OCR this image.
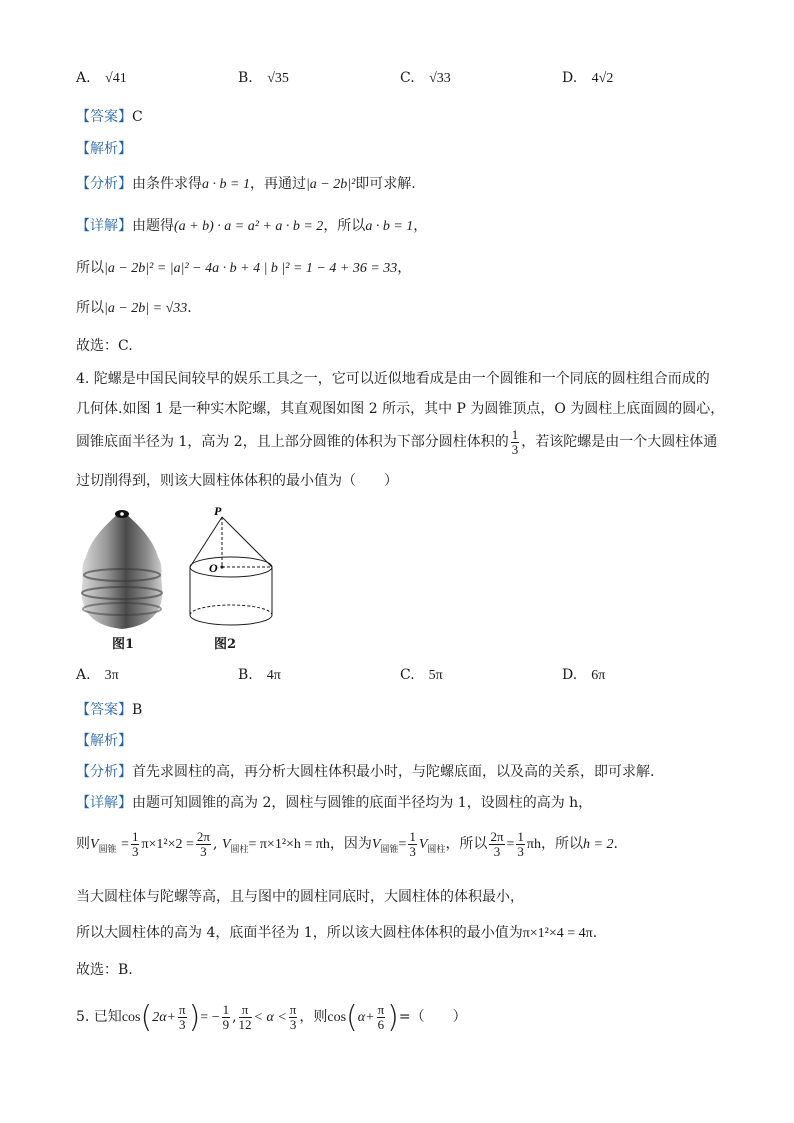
A. √41	B. √35	C. √33	D. 4√2
【答案】C
【解析】
【分析】由条件求得a · b = 1，再通过|a − 2b|²即可求解.
【详解】由题得(a + b) · a = a² + a · b = 2，所以a · b = 1，
所以|a − 2b|² = |a|² − 4a · b + 4 | b |² = 1 − 4 + 36 = 33，
所以|a − 2b| = √33.
故选：C.
4. 陀螺是中国民间较早的娱乐工具之一，它可以近似地看成是由一个圆锥和一个同底的圆柱组合而成的
几何体.如图 1 是一种实木陀螺，其直观图如图 2 所示，其中 P 为圆锥顶点，O 为圆柱上底面圆的圆心，
圆锥底面半径为 1，高为 2，且上部分圆锥的体积为下部分圆柱体积的 $\frac{1}{3}$ ，若该陀螺是由一个大圆柱体通
过切削得到，则该大圆柱体体积的最小值为（　　）
图1
P
O
图2
A. 3π	B. 4π	C. 5π	D. 6π
【答案】B
【解析】
【分析】首先求圆柱的高，再分析大圆柱体积最小时，与陀螺底面，以及高的关系，即可求解.
【详解】由题可知圆锥的高为 2，圆柱与圆锥的底面半径均为 1，设圆柱的高为 h，
则$V_{圆锥} = \frac{1}{3} \pi\times 1^2\times 2 = \frac{2\pi}{3}$ , $V_{圆柱}= \pi\times 1^2\times h = \pi h$，因为$V_{圆锥}= \frac{1}{3} V_{圆柱}$，所以 $\frac{2\pi}{3} = \frac{1}{3}$ πh，所以h = 2.
当大圆柱体与陀螺等高，且与图中的圆柱同底时，大圆柱体的体积最小，
所以大圆柱体的高为 4，底面半径为 1，所以该大圆柱体体积的最小值为π×1²×4 = 4π.
故选：B.
5. 已知$\cos(2\alpha+ \frac{\pi}{3}$ )= − $\frac{1}{9}$ , $\frac{\pi}{12} < \alpha < \frac{\pi}{3}$ ，则$\cos(\alpha+ \frac{\pi}{6}$ )=（　　）
